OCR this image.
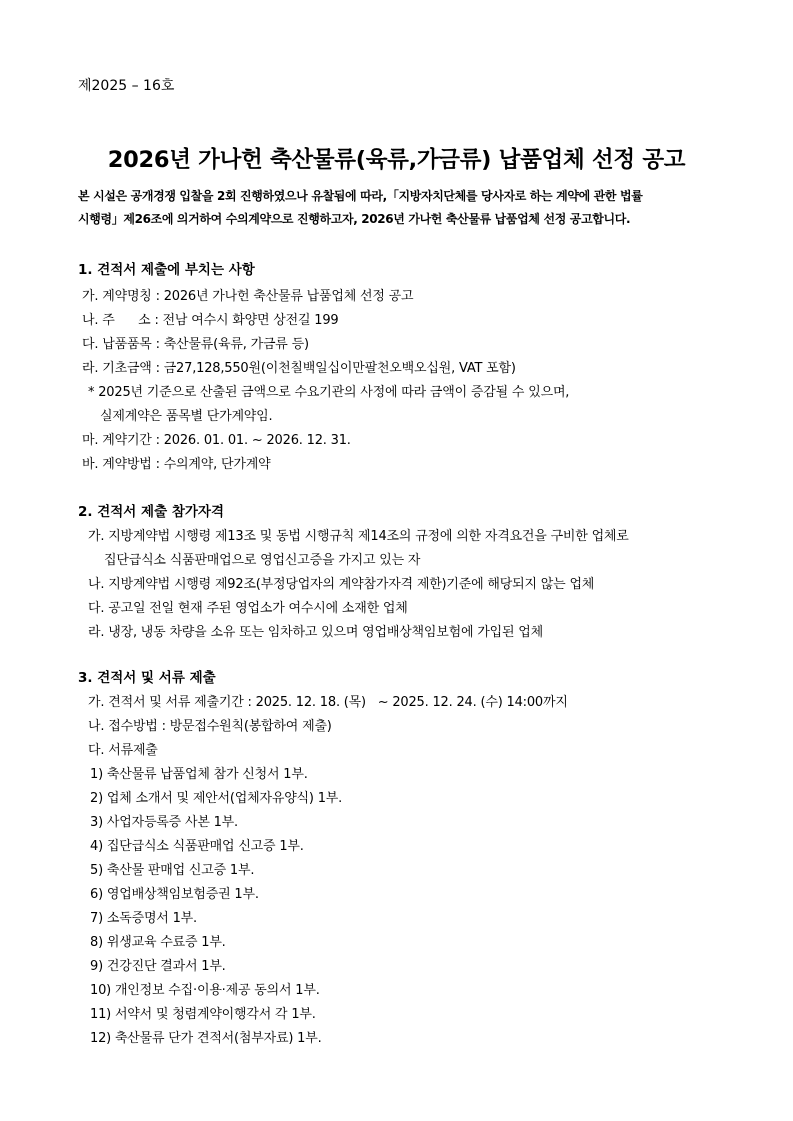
제2025 – 16호
2026년 가나헌 축산물류(육류,가금류) 납품업체 선정 공고
본 시설은 공개경쟁 입찰을 2회 진행하였으나 유찰됨에 따라,「지방자치단체를 당사자로 하는 계약에 관한 법률
시행령」제26조에 의거하여 수의계약으로 진행하고자, 2026년 가나헌 축산물류 납품업체 선정 공고합니다.
1. 견적서 제출에 부치는 사항
가. 계약명칭 : 2026년 가나헌 축산물류 납품업체 선정 공고
나. 주      소 : 전남 여수시 화양면 상전길 199
다. 납품품목 : 축산물류(육류, 가금류 등)
라. 기초금액 : 금27,128,550원(이천칠백일십이만팔천오백오십원, VAT 포함)
* 2025년 기준으로 산출된 금액으로 수요기관의 사정에 따라 금액이 증감될 수 있으며,
실제계약은 품목별 단가계약임.
마. 계약기간 : 2026. 01. 01. ~ 2026. 12. 31.
바. 계약방법 : 수의계약, 단가계약
2. 견적서 제출 참가자격
가. 지방계약법 시행령 제13조 및 동법 시행규칙 제14조의 규정에 의한 자격요건을 구비한 업체로
집단급식소 식품판매업으로 영업신고증을 가지고 있는 자
나. 지방계약법 시행령 제92조(부정당업자의 계약참가자격 제한)기준에 해당되지 않는 업체
다. 공고일 전일 현재 주된 영업소가 여수시에 소재한 업체
라. 냉장, 냉동 차량을 소유 또는 임차하고 있으며 영업배상책임보험에 가입된 업체
3. 견적서 및 서류 제출
가. 견적서 및 서류 제출기간 : 2025. 12. 18. (목)   ~ 2025. 12. 24. (수) 14:00까지
나. 접수방법 : 방문접수원칙(봉합하여 제출)
다. 서류제출
1) 축산물류 납품업체 참가 신청서 1부.
2) 업체 소개서 및 제안서(업체자유양식) 1부.
3) 사업자등록증 사본 1부.
4) 집단급식소 식품판매업 신고증 1부.
5) 축산물 판매업 신고증 1부.
6) 영업배상책임보험증권 1부.
7) 소독증명서 1부.
8) 위생교육 수료증 1부.
9) 건강진단 결과서 1부.
10) 개인정보 수집·이용·제공 동의서 1부.
11) 서약서 및 청렴계약이행각서 각 1부.
12) 축산물류 단가 견적서(첨부자료) 1부.
